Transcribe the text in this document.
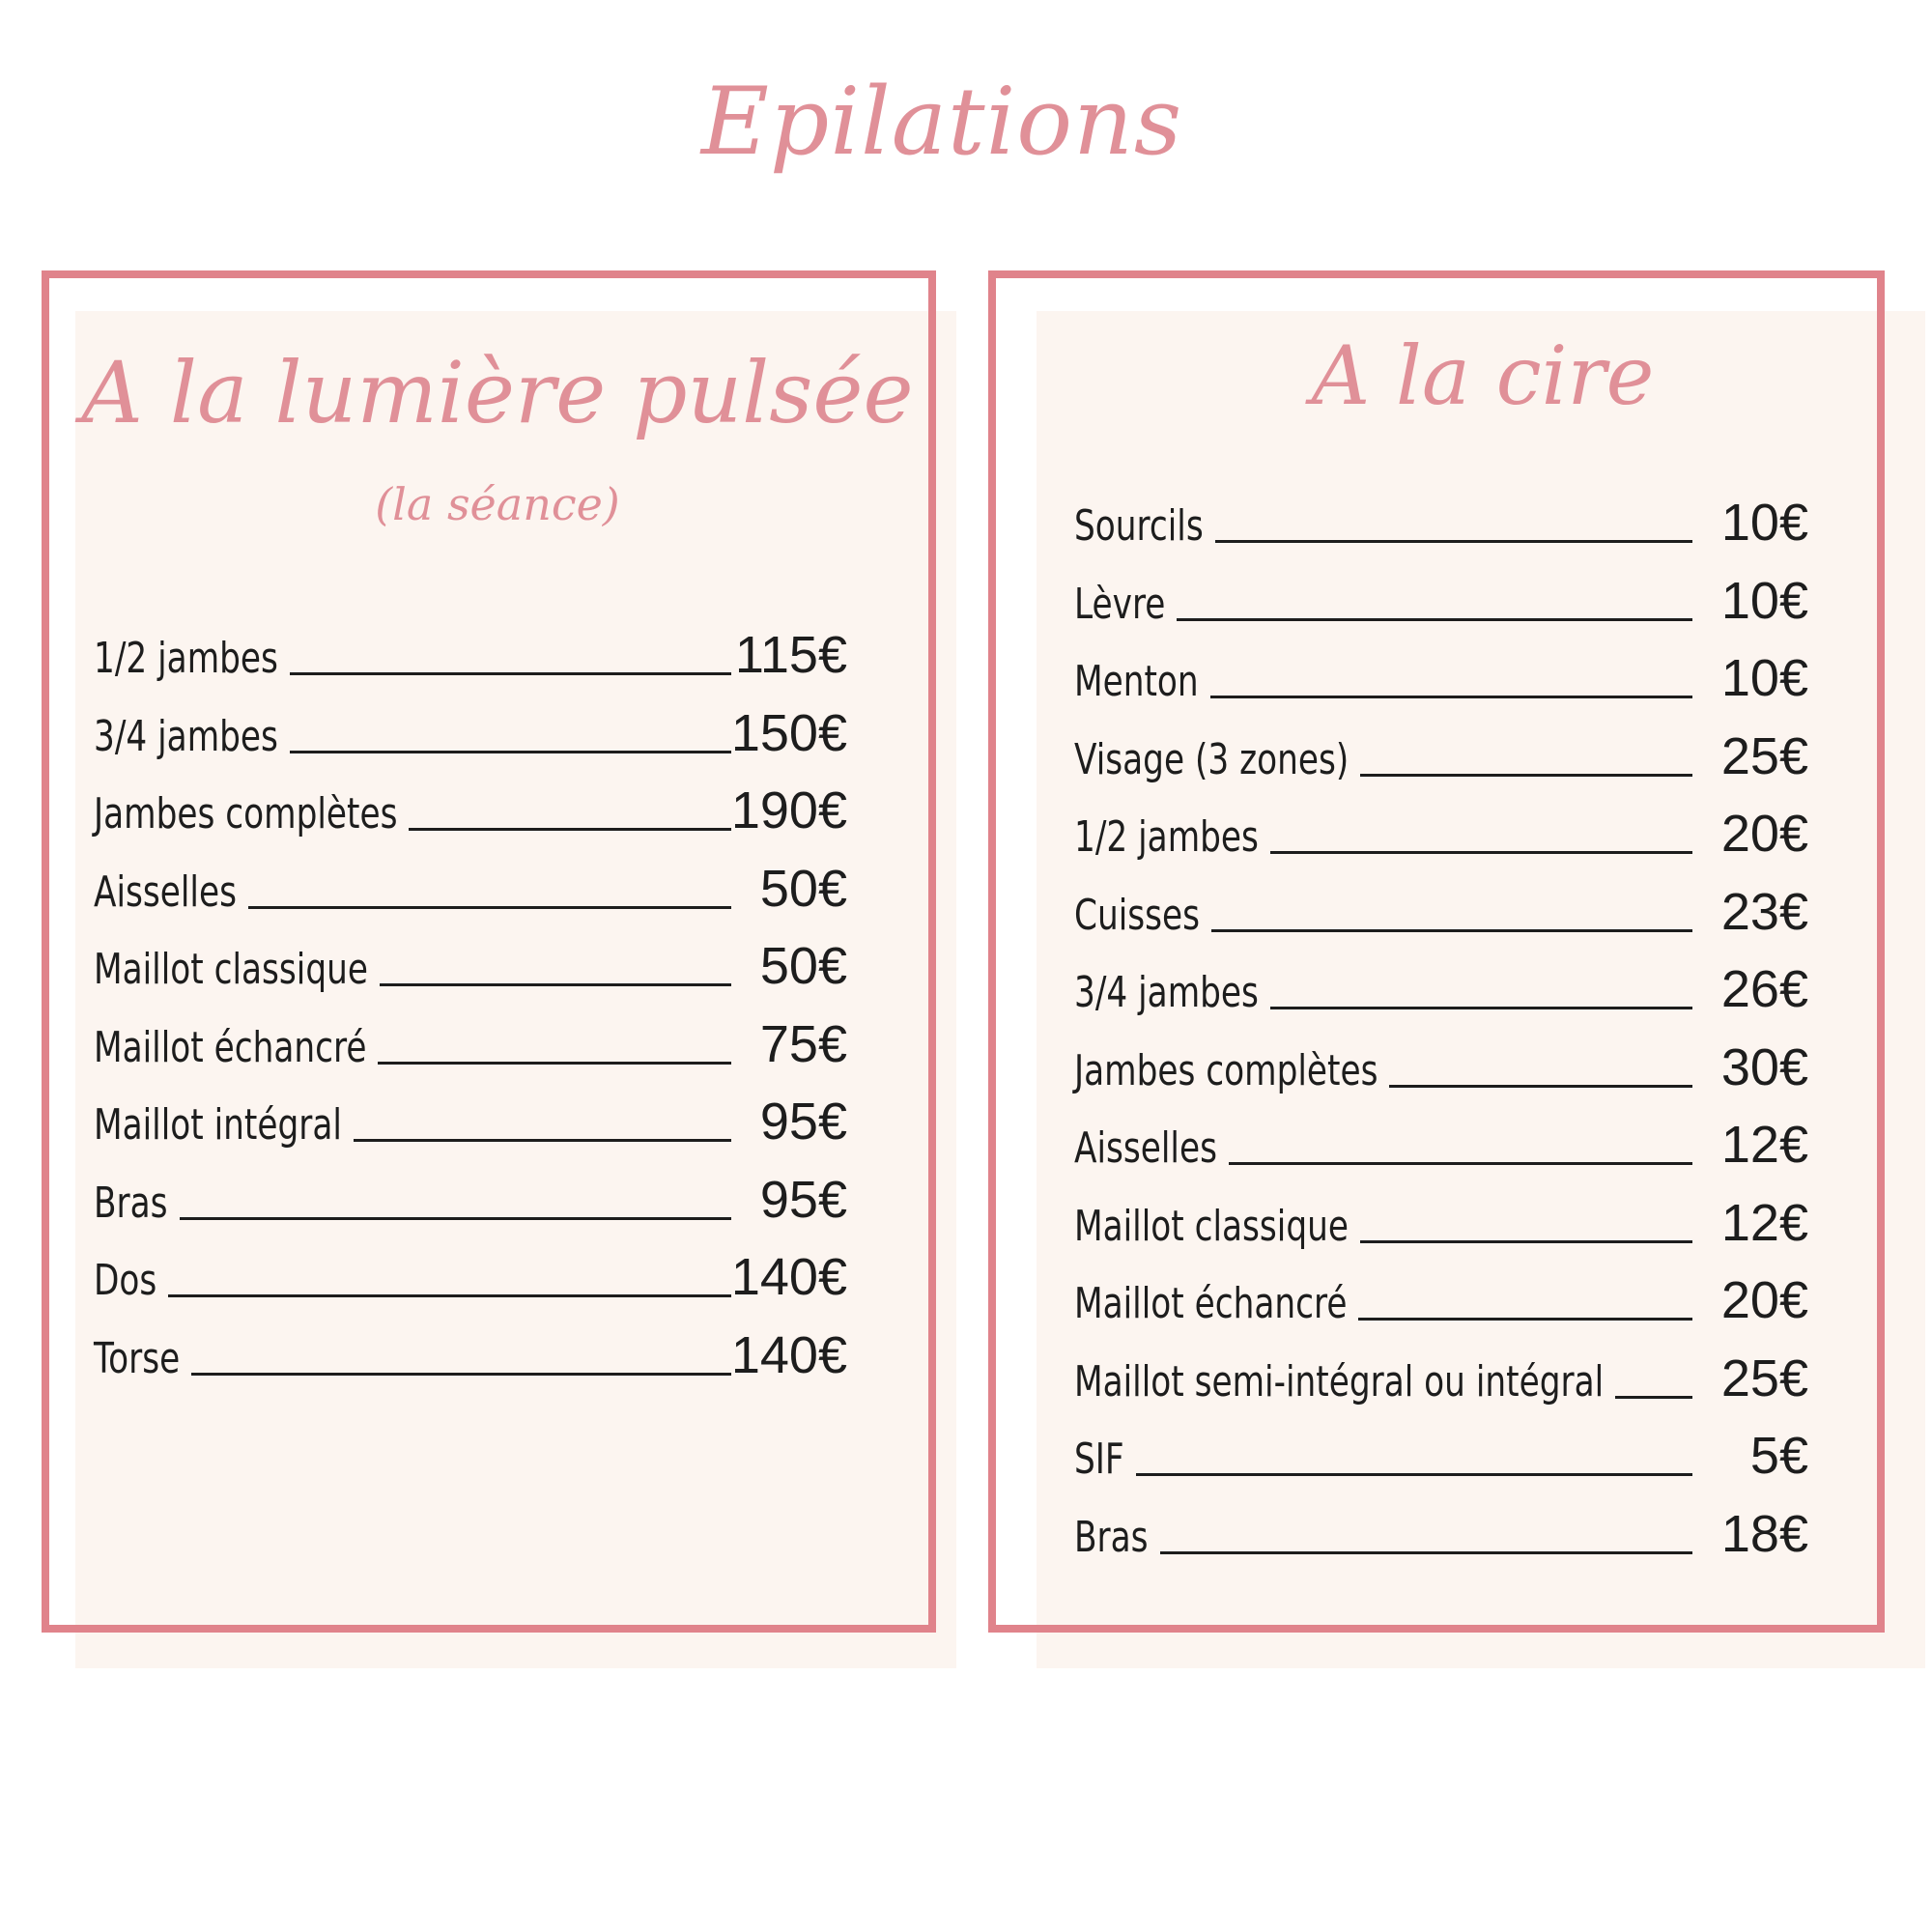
Epilations
A la lumière pulsée
(la séance)
1/2 jambes	115€
3/4 jambes	150€
Jambes complètes	190€
Aisselles	50€
Maillot classique	50€
Maillot échancré	75€
Maillot intégral	95€
Bras	95€
Dos	140€
Torse	140€
A la cire
Sourcils	10€
Lèvre	10€
Menton	10€
Visage (3 zones)	25€
1/2 jambes	20€
Cuisses	23€
3/4 jambes	26€
Jambes complètes	30€
Aisselles	12€
Maillot classique	12€
Maillot échancré	20€
Maillot semi-intégral ou intégral 25€
SIF	5€
Bras	18€
